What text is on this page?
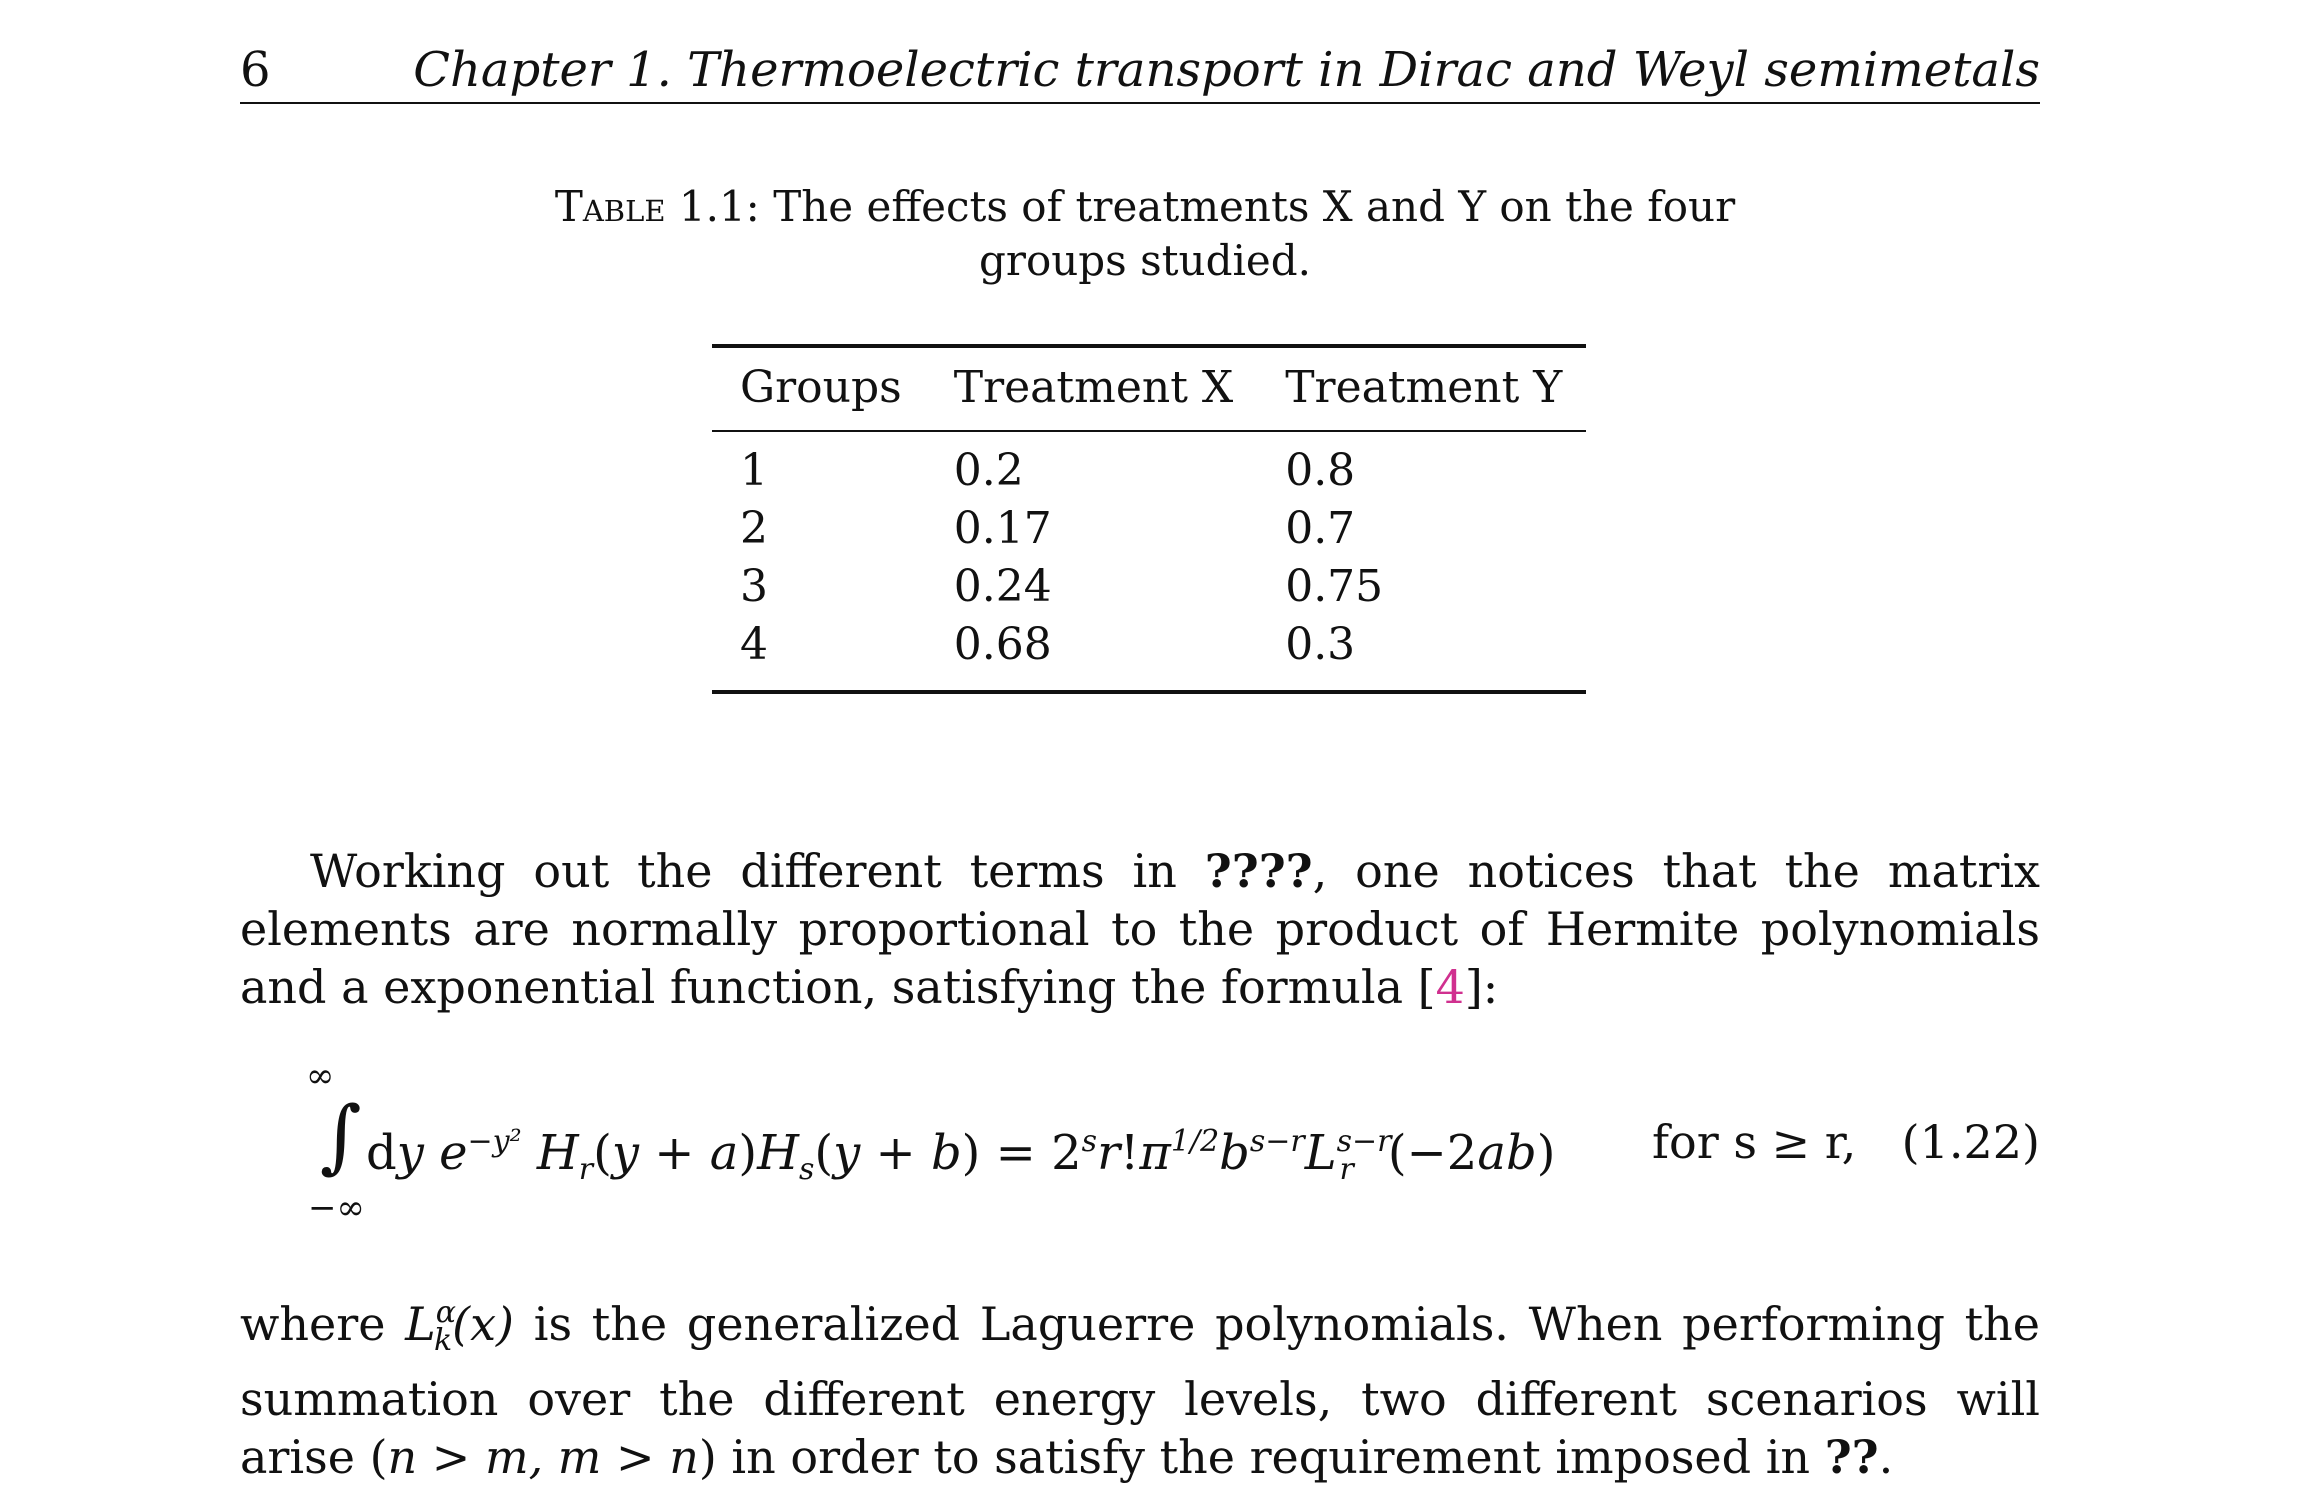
6	Chapter 1. Thermoelectric transport in Dirac and Weyl semimetals
Table 1.1: The effects of treatments X and Y on the four groups studied.
Groups	Treatment X	Treatment Y
1	0.2	0.8
2	0.17	0.7
3	0.24	0.75
4	0.68	0.3
Working out the different terms in ????, one notices that the matrix elements are normally proportional to the product of Hermite polynomials and a exponential function, satisfying the formula [4]:
∞
∫
−∞
dy $e^{-y^2}$ $H_r(y + a)H_s(y + b) = 2^sr!\pi^{1/2}b^{s-r}L^{s-r}_r$ (−2ab) for s ≥ r, (1.22)
where $L^\alpha_k(x)$ is the generalized Laguerre polynomials. When performing the summation over the different energy levels, two different scenarios will arise (n > m, m > n) in order to satisfy the requirement imposed in ??.
